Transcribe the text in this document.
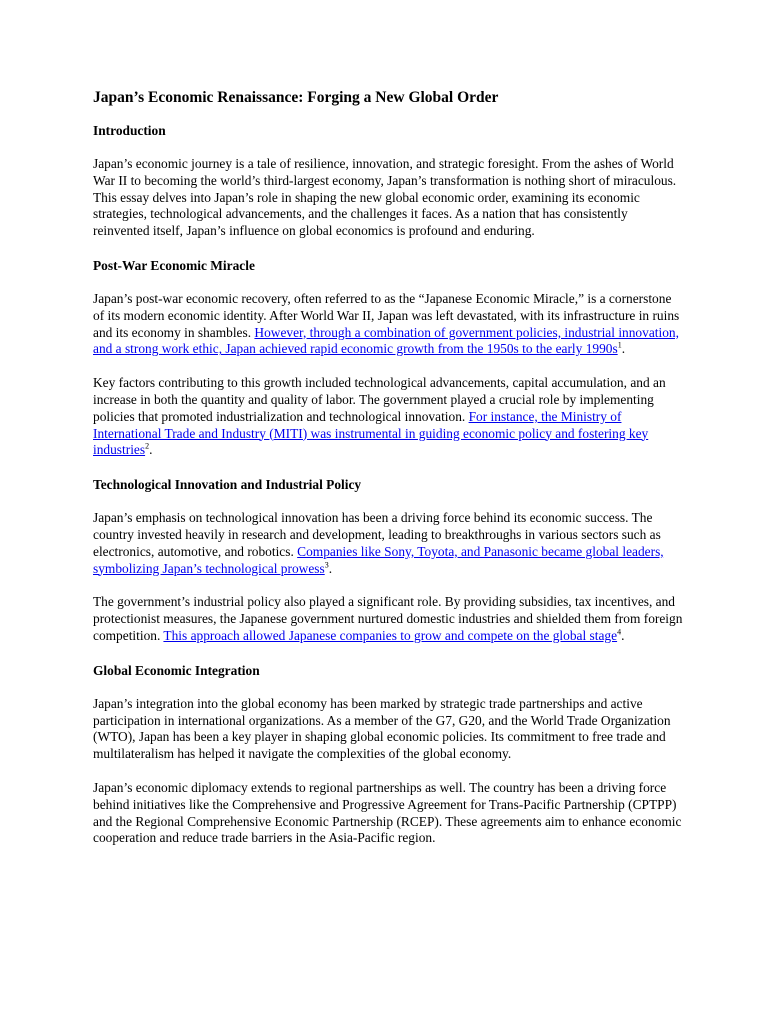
Japan’s Economic Renaissance: Forging a New Global Order
Introduction

Japan’s economic journey is a tale of resilience, innovation, and strategic foresight. From the ashes of World War II to becoming the world’s third-largest economy, Japan’s transformation is nothing short of miraculous. This essay delves into Japan’s role in shaping the new global economic order, examining its economic strategies, technological advancements, and the challenges it faces. As a nation that has consistently reinvented itself, Japan’s influence on global economics is profound and enduring.

Post-War Economic Miracle

Japan’s post-war economic recovery, often referred to as the “Japanese Economic Miracle,” is a cornerstone of its modern economic identity. After World War II, Japan was left devastated, with its infrastructure in ruins and its economy in shambles. However, through a combination of government policies, industrial innovation, and a strong work ethic, Japan achieved rapid economic growth from the 1950s to the early $1990s^1$.

Key factors contributing to this growth included technological advancements, capital accumulation, and an increase in both the quantity and quality of labor. The government played a crucial role by implementing policies that promoted industrialization and technological innovation. For instance, the Ministry of International Trade and Industry (MITI) was instrumental in guiding economic policy and fostering key industries$^2$.

Technological Innovation and Industrial Policy

Japan’s emphasis on technological innovation has been a driving force behind its economic success. The country invested heavily in research and development, leading to breakthroughs in various sectors such as electronics, automotive, and robotics. Companies like Sony, Toyota, and Panasonic became global leaders, symbolizing Japan’s technological prowess$^3$.

The government’s industrial policy also played a significant role. By providing subsidies, tax incentives, and protectionist measures, the Japanese government nurtured domestic industries and shielded them from foreign competition. This approach allowed Japanese companies to grow and compete on the global stage$^4$.

Global Economic Integration

Japan’s integration into the global economy has been marked by strategic trade partnerships and active participation in international organizations. As a member of the G7, G20, and the World Trade Organization (WTO), Japan has been a key player in shaping global economic policies. Its commitment to free trade and multilateralism has helped it navigate the complexities of the global economy.

Japan’s economic diplomacy extends to regional partnerships as well. The country has been a driving force behind initiatives like the Comprehensive and Progressive Agreement for Trans-Pacific Partnership (CPTPP) and the Regional Comprehensive Economic Partnership (RCEP). These agreements aim to enhance economic cooperation and reduce trade barriers in the Asia-Pacific region.
